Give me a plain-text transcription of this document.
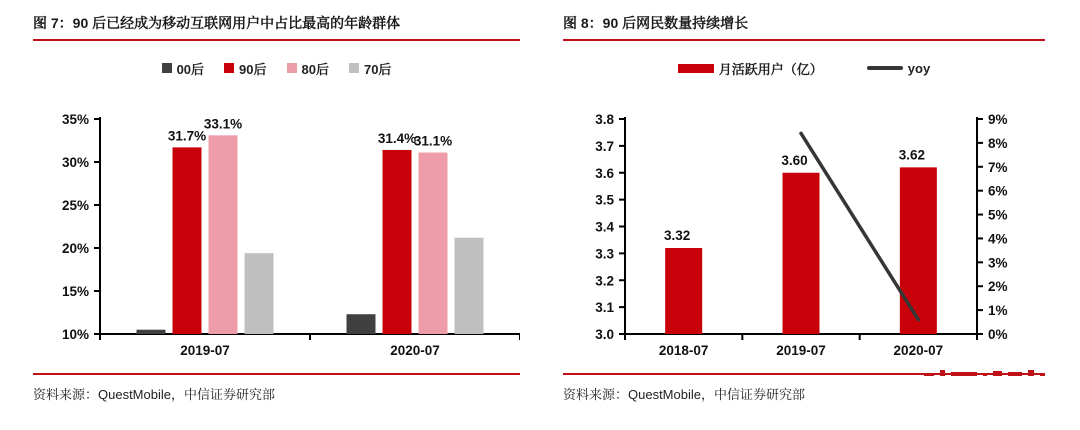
图 7：90 后已经成为移动互联网用户中占比最高的年龄群体
00后	90后	80后	70后
10%
15%
20%
25%
30%
35%
2019-07
31.7%
33.1%
2020-07
31.4%
31.1%
资料来源：QuestMobile，中信证券研究部
图 8：90 后网民数量持续增长
月活跃用户（亿）	yoy
3.0
3.1
3.2
3.3
3.4
3.5
3.6
3.7
3.8
0%
1%
2%
3%
4%
5%
6%
7%
8%
9%
2018-07
3.32
2019-07
3.60
2020-07
3.62
资料来源：QuestMobile，中信证券研究部
